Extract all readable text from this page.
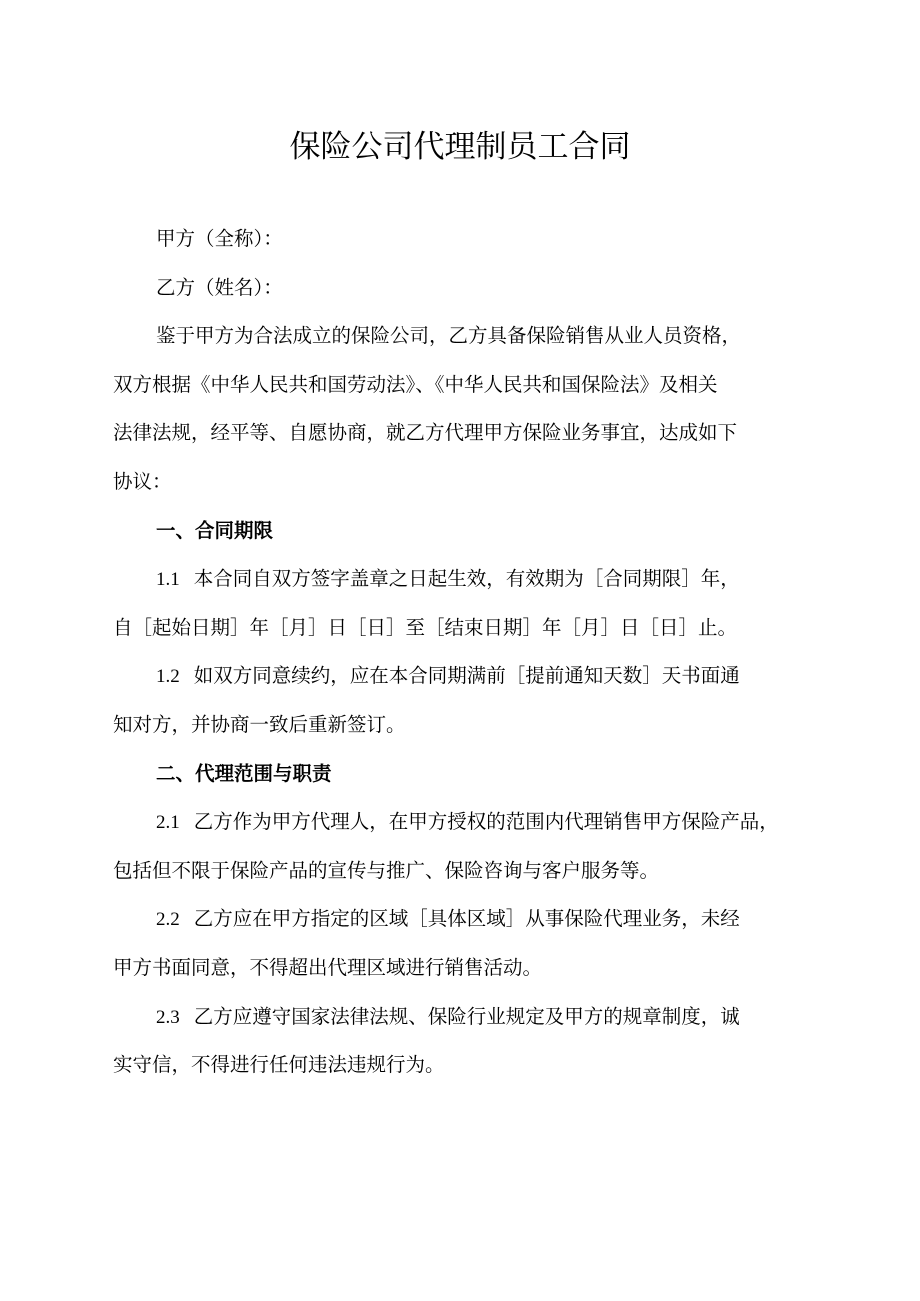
保险公司代理制员工合同
甲方（全称）：
乙方（姓名）：
鉴于甲方为合法成立的保险公司，乙方具备保险销售从业人员资格，
双方根据《中华人民共和国劳动法》、《中华人民共和国保险法》及相关
法律法规，经平等、自愿协商，就乙方代理甲方保险业务事宜，达成如下
协议：
一、合同期限
1.1 本合同自双方签字盖章之日起生效，有效期为［合同期限］年，
自［起始日期］年［月］日［日］至［结束日期］年［月］日［日］止。
1.2 如双方同意续约，应在本合同期满前［提前通知天数］天书面通
知对方，并协商一致后重新签订。
二、代理范围与职责
2.1 乙方作为甲方代理人，在甲方授权的范围内代理销售甲方保险产品，
包括但不限于保险产品的宣传与推广、保险咨询与客户服务等。
2.2 乙方应在甲方指定的区域［具体区域］从事保险代理业务，未经
甲方书面同意，不得超出代理区域进行销售活动。
2.3 乙方应遵守国家法律法规、保险行业规定及甲方的规章制度，诚
实守信，不得进行任何违法违规行为。
